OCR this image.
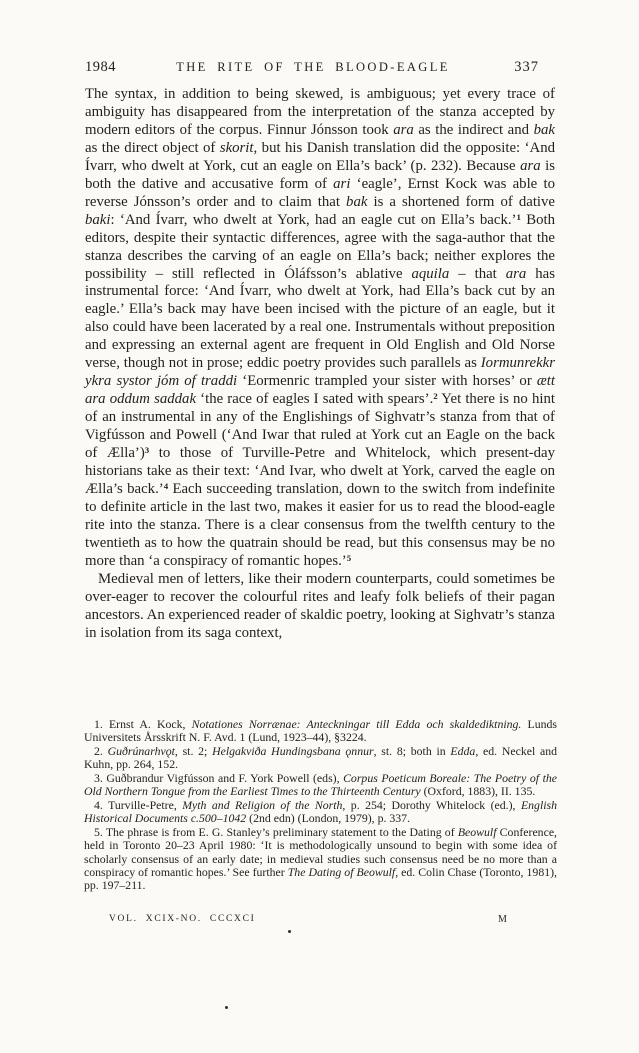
1984	THE RITE OF THE BLOOD-EAGLE	337

The syntax, in addition to being skewed, is ambiguous; yet every trace of ambiguity has disappeared from the interpretation of the stanza accepted by modern editors of the corpus. Finnur Jónsson took ara as the indirect and bak as the direct object of skorit, but his Danish translation did the opposite: ‘And Ívarr, who dwelt at York, cut an eagle on Ella’s back’ (p. 232). Because ara is both the dative and accusative form of ari ‘eagle’, Ernst Kock was able to reverse Jónsson’s order and to claim that bak is a shortened form of dative baki: ‘And Ívarr, who dwelt at York, had an eagle cut on Ella’s back.’$^1$ Both editors, despite their syntactic differences, agree with the saga-author that the stanza describes the carving of an eagle on Ella’s back; neither explores the possibility – still reflected in Óláfsson’s ablative aquila – that ara has instrumental force: ‘And Ívarr, who dwelt at York, had Ella’s back cut by an eagle.’ Ella’s back may have been incised with the picture of an eagle, but it also could have been lacerated by a real one. Instrumentals without preposition and expressing an external agent are frequent in Old English and Old Norse verse, though not in prose; eddic poetry provides such parallels as Iormunrekkr ykra systor jóm of traddi ‘Eormenric trampled your sister with horses’ or ætt ara oddum saddak ‘the race of eagles I sated with spears’.$^2$ Yet there is no hint of an instrumental in any of the Englishings of Sighvatr’s stanza from that of Vigfússon and Powell (‘And Iwar that ruled at York cut an Eagle on the back of Ælla’)$^3$ to those of Turville-Petre and Whitelock, which present-day historians take as their text: ‘And Ivar, who dwelt at York, carved the eagle on Ælla’s back.’$^4$ Each succeeding translation, down to the switch from indefinite to definite article in the last two, makes it easier for us to read the blood-eagle rite into the stanza. There is a clear consensus from the twelfth century to the twentieth as to how the quatrain should be read, but this consensus may be no more than ‘a conspiracy of romantic hopes.’$^5$

Medieval men of letters, like their modern counterparts, could sometimes be over-eager to recover the colourful rites and leafy folk beliefs of their pagan ancestors. An experienced reader of skaldic poetry, looking at Sighvatr’s stanza in isolation from its saga context,

1. Ernst A. Kock, Notationes Norrænae: Anteckningar till Edda och skaldediktning. Lunds Universitets Årsskrift N. F. Avd. 1 (Lund, 1923–44), §3224.

2. Guðrúnarhvǫt, st. 2; Helgakviða Hundingsbana ǫnnur, st. 8; both in Edda, ed. Neckel and Kuhn, pp. 264, 152.

3. Guðbrandur Vigfússon and F. York Powell (eds), Corpus Poeticum Boreale: The Poetry of the Old Northern Tongue from the Earliest Times to the Thirteenth Century (Oxford, 1883), II. 135.

4. Turville-Petre, Myth and Religion of the North, p. 254; Dorothy Whitelock (ed.), English Historical Documents c.500–1042 (2nd edn) (London, 1979), p. 337.

5. The phrase is from E. G. Stanley’s preliminary statement to the Dating of Beowulf Conference, held in Toronto 20–23 April 1980: ‘It is methodologically unsound to begin with some idea of scholarly consensus of an early date; in medieval studies such consensus need be no more than a conspiracy of romantic hopes.’ See further The Dating of Beowulf, ed. Colin Chase (Toronto, 1981), pp. 197–211.

VOL. XCIX-NO. CCCXCI	M
